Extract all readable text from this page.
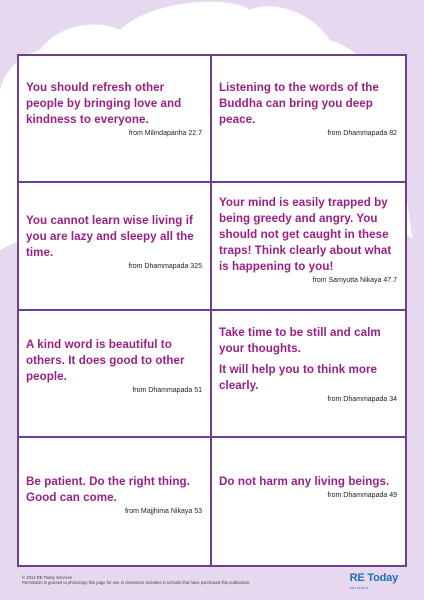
You should refresh other people by bringing love and kindness to everyone.

from Milindapanha 22.7

Listening to the words of the Buddha can bring you deep peace.

from Dhammapada 82

You cannot learn wise living if you are lazy and sleepy all the time.

from Dhammapada 325

Your mind is easily trapped by being greedy and angry. You should not get caught in these traps! Think clearly about what is happening to you!

from Samyutta Nikaya 47.7

A kind word is beautiful to others. It does good to other people.

from Dhammapada 51

Take time to be still and calm your thoughts.

It will help you to think more clearly.

from Dhammapada 34

Be patient. Do the right thing. Good can come.

from Majjhima Nikaya 53

Do not harm any living beings.

from Dhammapada 49
© 2012 RE Today Services
Permission is granted to photocopy this page for use in classroom activities in schools that have purchased this publication.	RE Today
services
